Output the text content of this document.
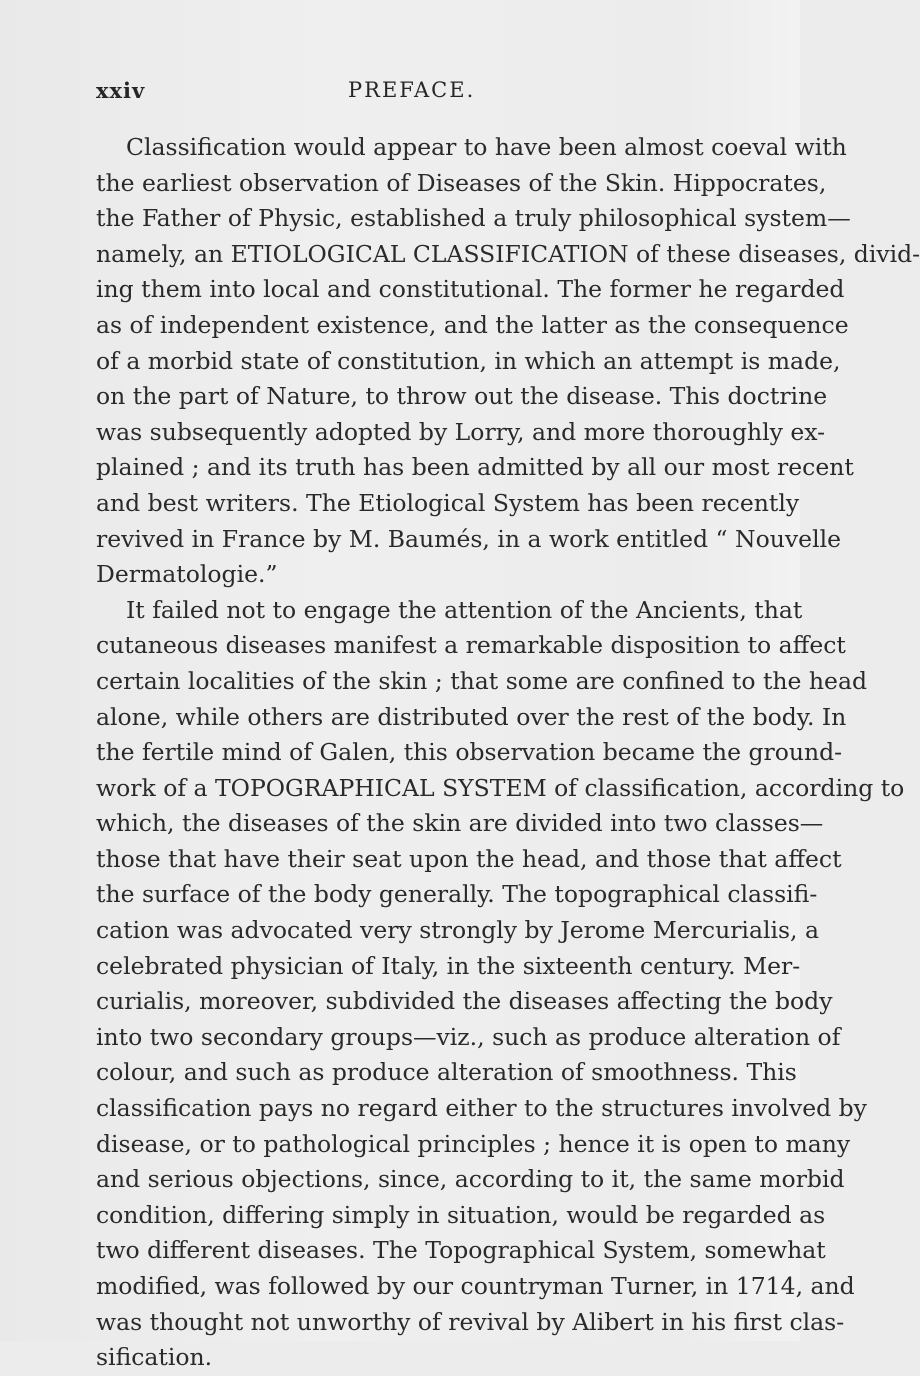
xxiv	PREFACE.
Classification would appear to have been almost coeval with
the earliest observation of Diseases of the Skin. Hippocrates,
the Father of Physic, established a truly philosophical system—
namely, an ETIOLOGICAL CLASSIFICATION of these diseases, divid-
ing them into local and constitutional. The former he regarded
as of independent existence, and the latter as the consequence
of a morbid state of constitution, in which an attempt is made,
on the part of Nature, to throw out the disease. This doctrine
was subsequently adopted by Lorry, and more thoroughly ex-
plained ; and its truth has been admitted by all our most recent
and best writers. The Etiological System has been recently
revived in France by M. Baumés, in a work entitled “ Nouvelle
Dermatologie.”
It failed not to engage the attention of the Ancients, that
cutaneous diseases manifest a remarkable disposition to affect
certain localities of the skin ; that some are confined to the head
alone, while others are distributed over the rest of the body. In
the fertile mind of Galen, this observation became the ground-
work of a TOPOGRAPHICAL SYSTEM of classification, according to
which, the diseases of the skin are divided into two classes—
those that have their seat upon the head, and those that affect
the surface of the body generally. The topographical classifi-
cation was advocated very strongly by Jerome Mercurialis, a
celebrated physician of Italy, in the sixteenth century. Mer-
curialis, moreover, subdivided the diseases affecting the body
into two secondary groups—viz., such as produce alteration of
colour, and such as produce alteration of smoothness. This
classification pays no regard either to the structures involved by
disease, or to pathological principles ; hence it is open to many
and serious objections, since, according to it, the same morbid
condition, differing simply in situation, would be regarded as
two different diseases. The Topographical System, somewhat
modified, was followed by our countryman Turner, in 1714, and
was thought not unworthy of revival by Alibert in his first clas-
sification.
